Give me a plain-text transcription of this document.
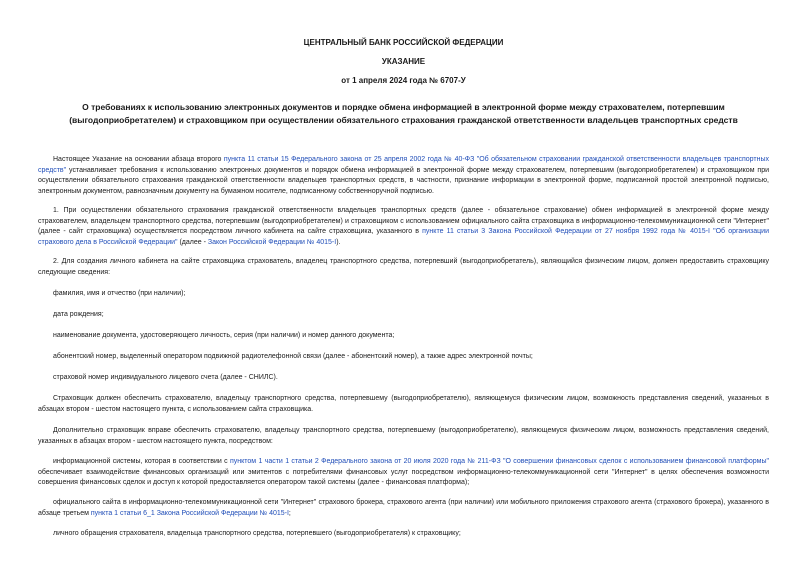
ЦЕНТРАЛЬНЫЙ БАНК РОССИЙСКОЙ ФЕДЕРАЦИИ
УКАЗАНИЕ
от 1 апреля 2024 года № 6707-У
О требованиях к использованию электронных документов и порядке обмена информацией в электронной форме между страхователем, потерпевшим (выгодоприобретателем) и страховщиком при осуществлении обязательного страхования гражданской ответственности владельцев транспортных средств
Настоящее Указание на основании абзаца второго пункта 11 статьи 15 Федерального закона от 25 апреля 2002 года № 40-ФЗ "Об обязательном страховании гражданской ответственности владельцев транспортных средств" устанавливает требования к использованию электронных документов и порядок обмена информацией в электронной форме между страхователем, потерпевшим (выгодоприобретателем) и страховщиком при осуществлении обязательного страхования гражданской ответственности владельцев транспортных средств, в частности, признание информации в электронной форме, подписанной простой электронной подписью, электронным документом, равнозначным документу на бумажном носителе, подписанному собственноручной подписью.
1. При осуществлении обязательного страхования гражданской ответственности владельцев транспортных средств (далее - обязательное страхование) обмен информацией в электронной форме между страхователем, владельцем транспортного средства, потерпевшим (выгодоприобретателем) и страховщиком с использованием официального сайта страховщика в информационно-телекоммуникационной сети "Интернет" (далее - сайт страховщика) осуществляется посредством личного кабинета на сайте страховщика, указанного в пункте 11 статьи 3 Закона Российской Федерации от 27 ноября 1992 года № 4015-I "Об организации страхового дела в Российской Федерации" (далее - Закон Российской Федерации № 4015-I).
2. Для создания личного кабинета на сайте страховщика страхователь, владелец транспортного средства, потерпевший (выгодоприобретатель), являющийся физическим лицом, должен предоставить страховщику следующие сведения:
фамилия, имя и отчество (при наличии);
дата рождения;
наименование документа, удостоверяющего личность, серия (при наличии) и номер данного документа;
абонентский номер, выделенный оператором подвижной радиотелефонной связи (далее - абонентский номер), а также адрес электронной почты;
страховой номер индивидуального лицевого счета (далее - СНИЛС).
Страховщик должен обеспечить страхователю, владельцу транспортного средства, потерпевшему (выгодоприобретателю), являющемуся физическим лицом, возможность представления сведений, указанных в абзацах втором - шестом настоящего пункта, с использованием сайта страховщика.
Дополнительно страховщик вправе обеспечить страхователю, владельцу транспортного средства, потерпевшему (выгодоприобретателю), являющемуся физическим лицом, возможность представления сведений, указанных в абзацах втором - шестом настоящего пункта, посредством:
информационной системы, которая в соответствии с пунктом 1 части 1 статьи 2 Федерального закона от 20 июля 2020 года № 211-ФЗ "О совершении финансовых сделок с использованием финансовой платформы" обеспечивает взаимодействие финансовых организаций или эмитентов с потребителями финансовых услуг посредством информационно-телекоммуникационной сети "Интернет" в целях обеспечения возможности совершения финансовых сделок и доступ к которой предоставляется оператором такой системы (далее - финансовая платформа);
официального сайта в информационно-телекоммуникационной сети "Интернет" страхового брокера, страхового агента (при наличии) или мобильного приложения страхового агента (страхового брокера), указанного в абзаце третьем пункта 1 статьи 6_1 Закона Российской Федерации № 4015-I;
личного обращения страхователя, владельца транспортного средства, потерпевшего (выгодоприобретателя) к страховщику;
